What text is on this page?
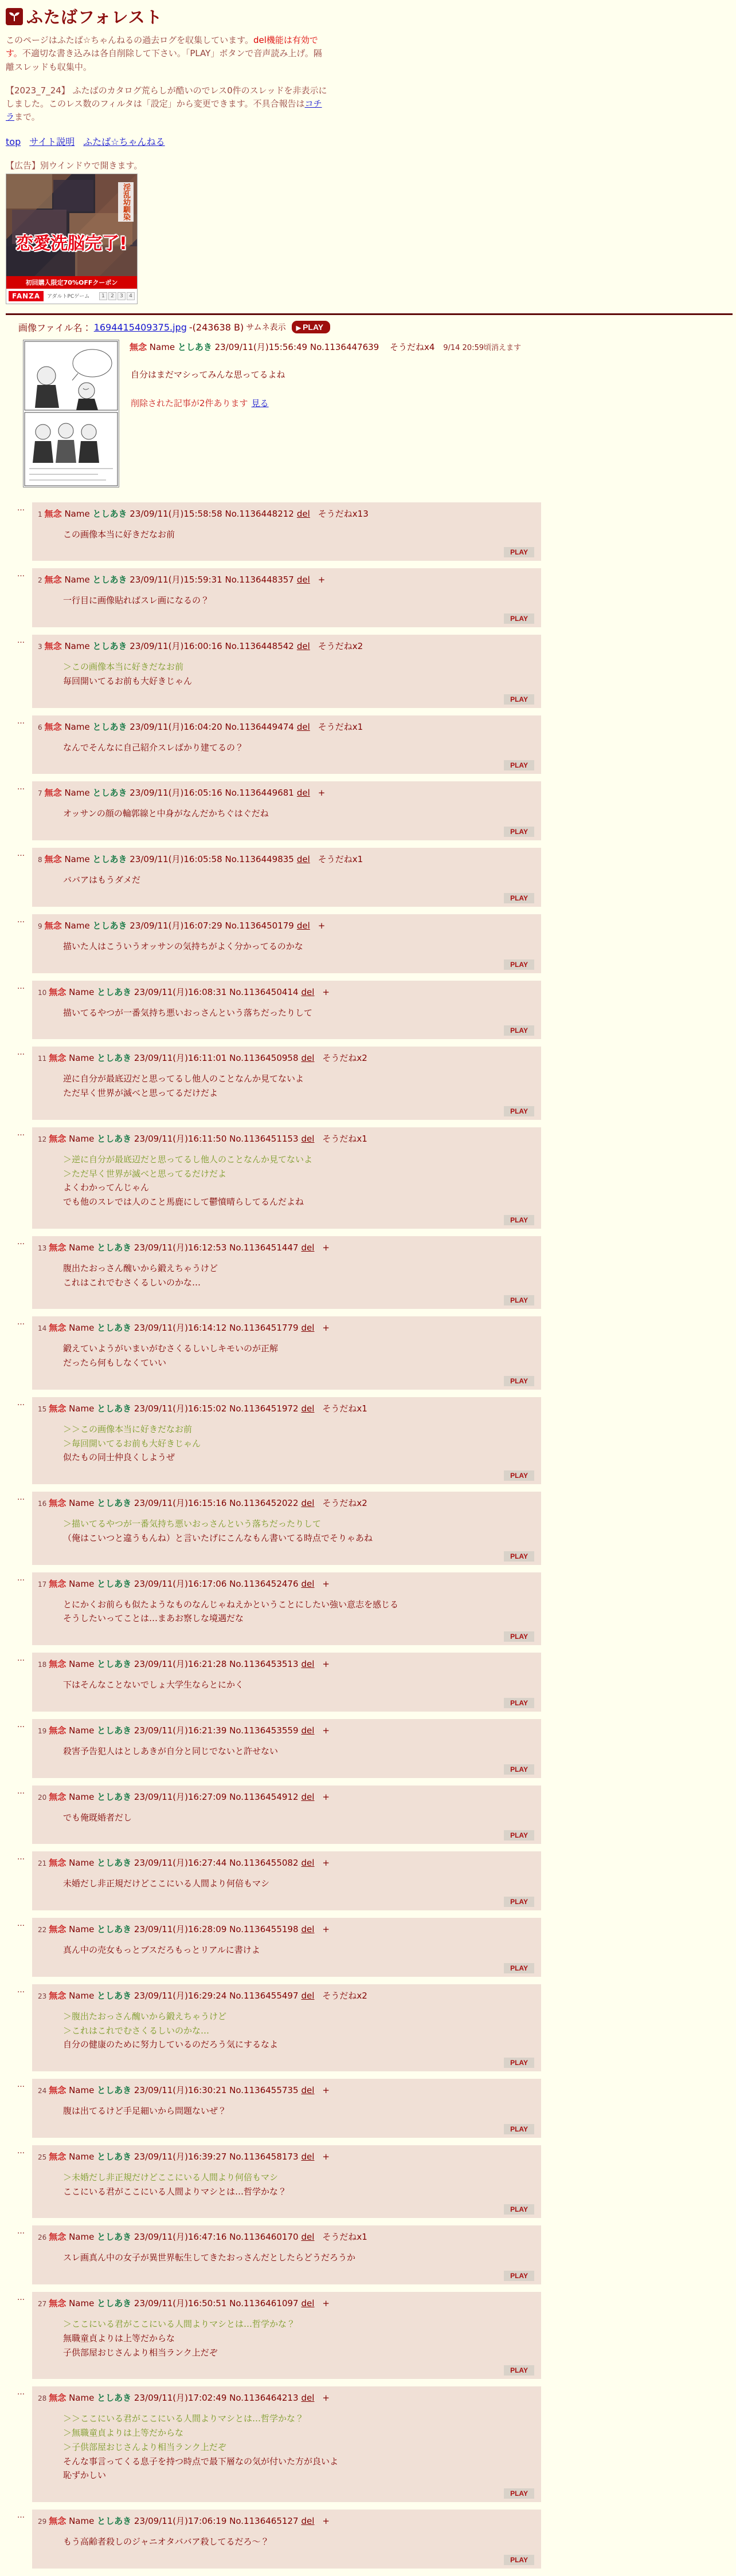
ふたばフォレスト

このページはふたば☆ちゃんねるの過去ログを収集しています。del機能は有効です。不適切な書き込みは各自削除して下さい。「PLAY」ボタンで音声読み上げ。隔離スレッドも収集中。

【2023_7_24】 ふたばのカタログ荒らしが酷いのでレス0件のスレッドを非表示にしました。このレス数のフィルタは「設定」から変更できます。不具合報告はコチラまで。

top サイト説明 ふたば☆ちゃんねる

【広告】別ウインドウで開きます。

淫乱幼馴染
恋愛洗脳完了!
初回購入限定70%OFFクーポン
FANZA	アダルトPCゲーム	1	2	3	4
画像ファイル名： 1694415409375.jpg -(243638 B) サムネ表示	▶ PLAY
無念 Name としあき 23/09/11(月)15:56:49 No.1136447639 そうだねx4 9/14 20:59頃消えます
自分はまだマシってみんな思ってるよね
削除された記事が2件あります 見る
…
1 無念 Name としあき 23/09/11(月)15:58:58 No.1136448212 del そうだねx13
この画像本当に好きだなお前
PLAY
…
2 無念 Name としあき 23/09/11(月)15:59:31 No.1136448357 del +
一行目に画像貼ればスレ画になるの？
PLAY
…
3 無念 Name としあき 23/09/11(月)16:00:16 No.1136448542 del そうだねx2
＞この画像本当に好きだなお前
毎回開いてるお前も大好きじゃん
PLAY
…
6 無念 Name としあき 23/09/11(月)16:04:20 No.1136449474 del そうだねx1
なんでそんなに自己紹介スレばかり建てるの？
PLAY
…
7 無念 Name としあき 23/09/11(月)16:05:16 No.1136449681 del +
オッサンの顔の輪郭線と中身がなんだかちぐはぐだね
PLAY
…
8 無念 Name としあき 23/09/11(月)16:05:58 No.1136449835 del そうだねx1
ババアはもうダメだ
PLAY
…
9 無念 Name としあき 23/09/11(月)16:07:29 No.1136450179 del +
描いた人はこういうオッサンの気持ちがよく分かってるのかな
PLAY
…
10 無念 Name としあき 23/09/11(月)16:08:31 No.1136450414 del +
描いてるやつが一番気持ち悪いおっさんという落ちだったりして
PLAY
…
11 無念 Name としあき 23/09/11(月)16:11:01 No.1136450958 del そうだねx2
逆に自分が最底辺だと思ってるし他人のことなんか見てないよ
ただ早く世界が滅べと思ってるだけだよ
PLAY
…
12 無念 Name としあき 23/09/11(月)16:11:50 No.1136451153 del そうだねx1
＞逆に自分が最底辺だと思ってるし他人のことなんか見てないよ
＞ただ早く世界が滅べと思ってるだけだよ
よくわかってんじゃん
でも他のスレでは人のこと馬鹿にして鬱憤晴らしてるんだよね
PLAY
…
13 無念 Name としあき 23/09/11(月)16:12:53 No.1136451447 del +
腹出たおっさん醜いから鍛えちゃうけど
これはこれでむさくるしいのかな…
PLAY
…
14 無念 Name としあき 23/09/11(月)16:14:12 No.1136451779 del +
鍛えていようがいまいがむさくるしいしキモいのが正解
だったら何もしなくていい
PLAY
…
15 無念 Name としあき 23/09/11(月)16:15:02 No.1136451972 del そうだねx1
＞＞この画像本当に好きだなお前
＞毎回開いてるお前も大好きじゃん
似たもの同士仲良くしようぜ
PLAY
…
16 無念 Name としあき 23/09/11(月)16:15:16 No.1136452022 del そうだねx2
＞描いてるやつが一番気持ち悪いおっさんという落ちだったりして
（俺はこいつと違うもんね）と言いたげにこんなもん書いてる時点でそりゃあね
PLAY
…
17 無念 Name としあき 23/09/11(月)16:17:06 No.1136452476 del +
とにかくお前らも似たようなものなんじゃねえかということにしたい強い意志を感じる
そうしたいってことは…まあお察しな境遇だな
PLAY
…
18 無念 Name としあき 23/09/11(月)16:21:28 No.1136453513 del +
下はそんなことないでしょ大学生ならとにかく
PLAY
…
19 無念 Name としあき 23/09/11(月)16:21:39 No.1136453559 del +
殺害予告犯人はとしあきが自分と同じでないと許せない
PLAY
…
20 無念 Name としあき 23/09/11(月)16:27:09 No.1136454912 del +
でも俺既婚者だし
PLAY
…
21 無念 Name としあき 23/09/11(月)16:27:44 No.1136455082 del +
未婚だし非正規だけどここにいる人間より何倍もマシ
PLAY
…
22 無念 Name としあき 23/09/11(月)16:28:09 No.1136455198 del +
真ん中の売女もっとブスだろもっとリアルに書けよ
PLAY
…
23 無念 Name としあき 23/09/11(月)16:29:24 No.1136455497 del そうだねx2
＞腹出たおっさん醜いから鍛えちゃうけど
＞これはこれでむさくるしいのかな…
自分の健康のために努力しているのだろう気にするなよ
PLAY
…
24 無念 Name としあき 23/09/11(月)16:30:21 No.1136455735 del +
腹は出てるけど手足細いから問題ないぜ？
PLAY
…
25 無念 Name としあき 23/09/11(月)16:39:27 No.1136458173 del +
＞未婚だし非正規だけどここにいる人間より何倍もマシ
ここにいる君がここにいる人間よりマシとは…哲学かな？
PLAY
…
26 無念 Name としあき 23/09/11(月)16:47:16 No.1136460170 del そうだねx1
スレ画真ん中の女子が異世界転生してきたおっさんだとしたらどうだろうか
PLAY
…
27 無念 Name としあき 23/09/11(月)16:50:51 No.1136461097 del +
＞ここにいる君がここにいる人間よりマシとは…哲学かな？
無職童貞よりは上等だからな
子供部屋おじさんより相当ランク上だぞ
PLAY
…
28 無念 Name としあき 23/09/11(月)17:02:49 No.1136464213 del +
＞＞ここにいる君がここにいる人間よりマシとは…哲学かな？
＞無職童貞よりは上等だからな
＞子供部屋おじさんより相当ランク上だぞ
そんな事言ってくる息子を持つ時点で最下層なの気が付いた方が良いよ
恥ずかしい
PLAY
…
29 無念 Name としあき 23/09/11(月)17:06:19 No.1136465127 del +
もう高齢者殺しのジャニオタババア殺してるだろ～？
PLAY
